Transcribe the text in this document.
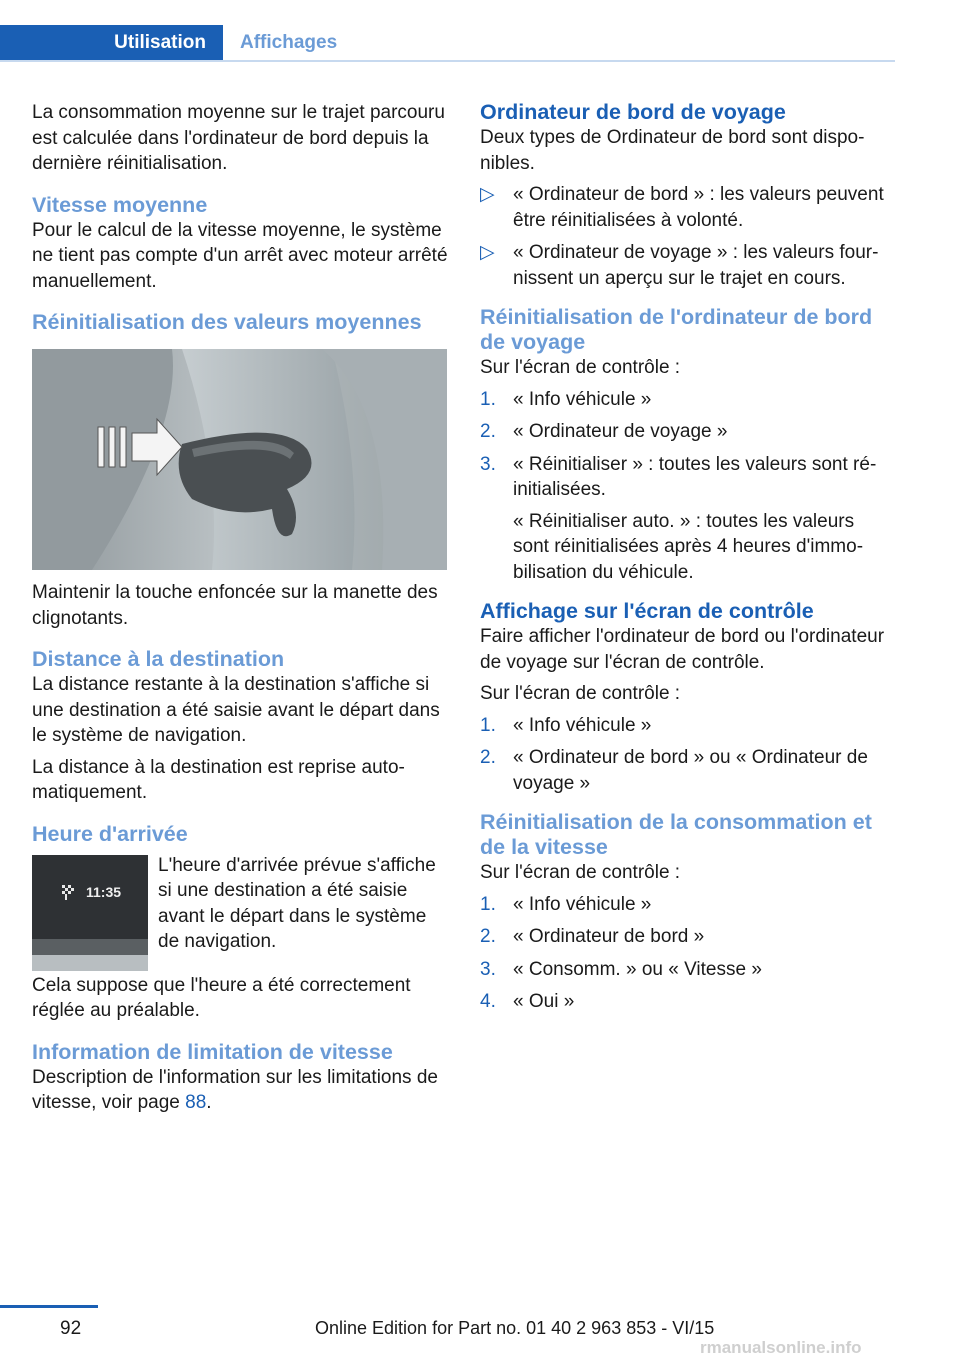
Utilisation Affichages

La consommation moyenne sur le trajet parcouru est calculée dans l'ordinateur de bord depuis la dernière réinitialisation.

Vitesse moyenne

Pour le calcul de la vitesse moyenne, le système ne tient pas compte d'un arrêt avec moteur arrêté manuellement.

Réinitialisation des valeurs moyennes

Maintenir la touche enfoncée sur la manette des clignotants.

Distance à la destination

La distance restante à la destination s'affiche si une destination a été saisie avant le départ dans le système de navigation.

La distance à la destination est reprise automatiquement.

Heure d'arrivée
11:35

L'heure d'arrivée prévue s'affiche si une destination a été saisie avant le départ dans le système de navigation.

Cela suppose que l'heure a été correctement réglée au préalable.

Information de limitation de vitesse

Description de l'information sur les limitations de vitesse, voir page 88.

Ordinateur de bord de voyage

Deux types de Ordinateur de bord sont disponibles.

▷ « Ordinateur de bord » : les valeurs peuvent être réinitialisées à volonté.
▷ « Ordinateur de voyage » : les valeurs fournissent un aperçu sur le trajet en cours.
Réinitialisation de l'ordinateur de bord de voyage

Sur l'écran de contrôle :

1. « Info véhicule »
2. « Ordinateur de voyage »
3. « Réinitialiser » : toutes les valeurs sont réinitialisées.
« Réinitialiser auto. » : toutes les valeurs sont réinitialisées après 4 heures d'immobilisation du véhicule.
Affichage sur l'écran de contrôle

Faire afficher l'ordinateur de bord ou l'ordinateur de voyage sur l'écran de contrôle.

Sur l'écran de contrôle :

1. « Info véhicule »
2. « Ordinateur de bord » ou « Ordinateur de voyage »
Réinitialisation de la consommation et de la vitesse

Sur l'écran de contrôle :

1. « Info véhicule »
2. « Ordinateur de bord »
3. « Consomm. » ou « Vitesse »
4. « Oui »
92	Online Edition for Part no. 01 40 2 963 853 - VI/15
rmanualsonline.info
